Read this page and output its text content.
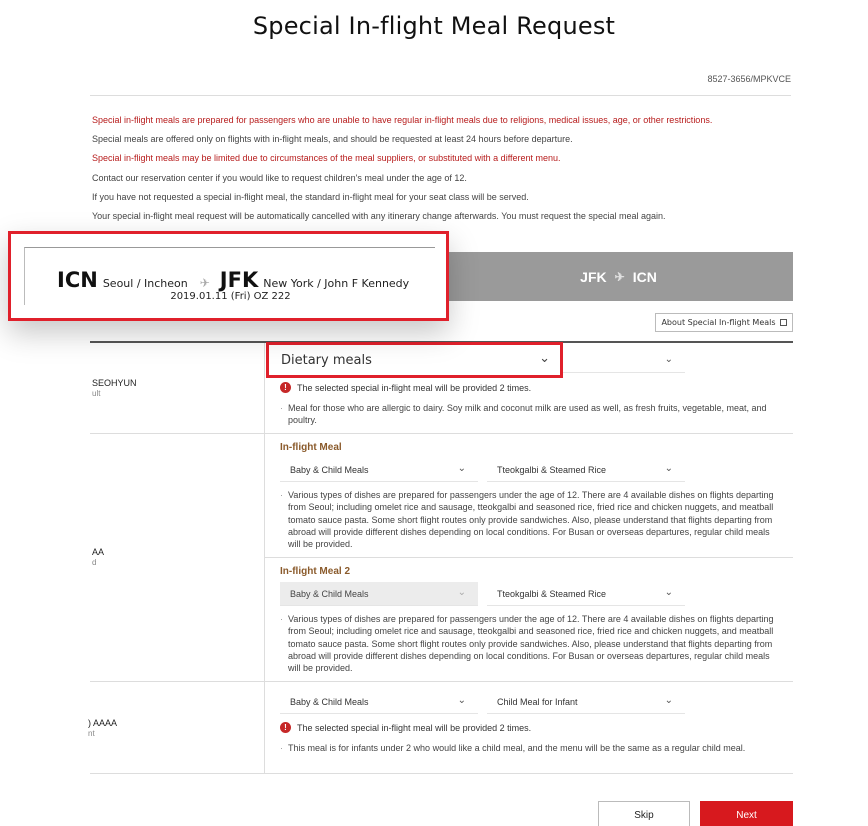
Special In-flight Meal Request
8527-3656/MPKVCE

Special in-flight meals are prepared for passengers who are unable to have regular in-flight meals due to religions, medical issues, age, or other restrictions.

Special meals are offered only on flights with in-flight meals, and should be requested at least 24 hours before departure.

Special in-flight meals may be limited due to circumstances of the meal suppliers, or substituted with a different menu.

Contact our reservation center if you would like to request children's meal under the age of 12.

If you have not requested a special in-flight meal, the standard in-flight meal for your seat class will be served.

Your special in-flight meal request will be automatically cancelled with any itinerary change afterwards. You must request the special meal again.

JFK ✈ ICN
ICN Seoul / Incheon ✈ JFK New York / John F Kennedy
2019.01.11 (Fri) OZ 222
About Special In-flight Meals
SEOHYUN
ult
⌄
Dietary meals	⌄
!	The selected special in-flight meal will be provided 2 times.
· Meal for those who are allergic to dairy. Soy milk and coconut milk are used as well, as fresh fruits, vegetable, meat, and poultry.
AA
d
In-flight Meal
Baby & Child Meals	⌄	Tteokgalbi & Steamed Rice	⌄
· Various types of dishes are prepared for passengers under the age of 12. There are 4 available dishes on flights departing from Seoul; including omelet rice and sausage, tteokgalbi and seasoned rice, fried rice and chicken nuggets, and meatball tomato sauce pasta. Some short flight routes only provide sandwiches. Also, please understand that flights departing from abroad will provide different dishes depending on local conditions. For Busan or overseas departures, regular child meals will be provided.
In-flight Meal 2
Baby & Child Meals	⌄	Tteokgalbi & Steamed Rice	⌄
· Various types of dishes are prepared for passengers under the age of 12. There are 4 available dishes on flights departing from Seoul; including omelet rice and sausage, tteokgalbi and seasoned rice, fried rice and chicken nuggets, and meatball tomato sauce pasta. Some short flight routes only provide sandwiches. Also, please understand that flights departing from abroad will provide different dishes depending on local conditions. For Busan or overseas departures, regular child meals will be provided.
) AAAA
nt
Baby & Child Meals	⌄	Child Meal for Infant	⌄
!	The selected special in-flight meal will be provided 2 times.
· This meal is for infants under 2 who would like a child meal, and the menu will be the same as a regular child meal.
Skip	Next
